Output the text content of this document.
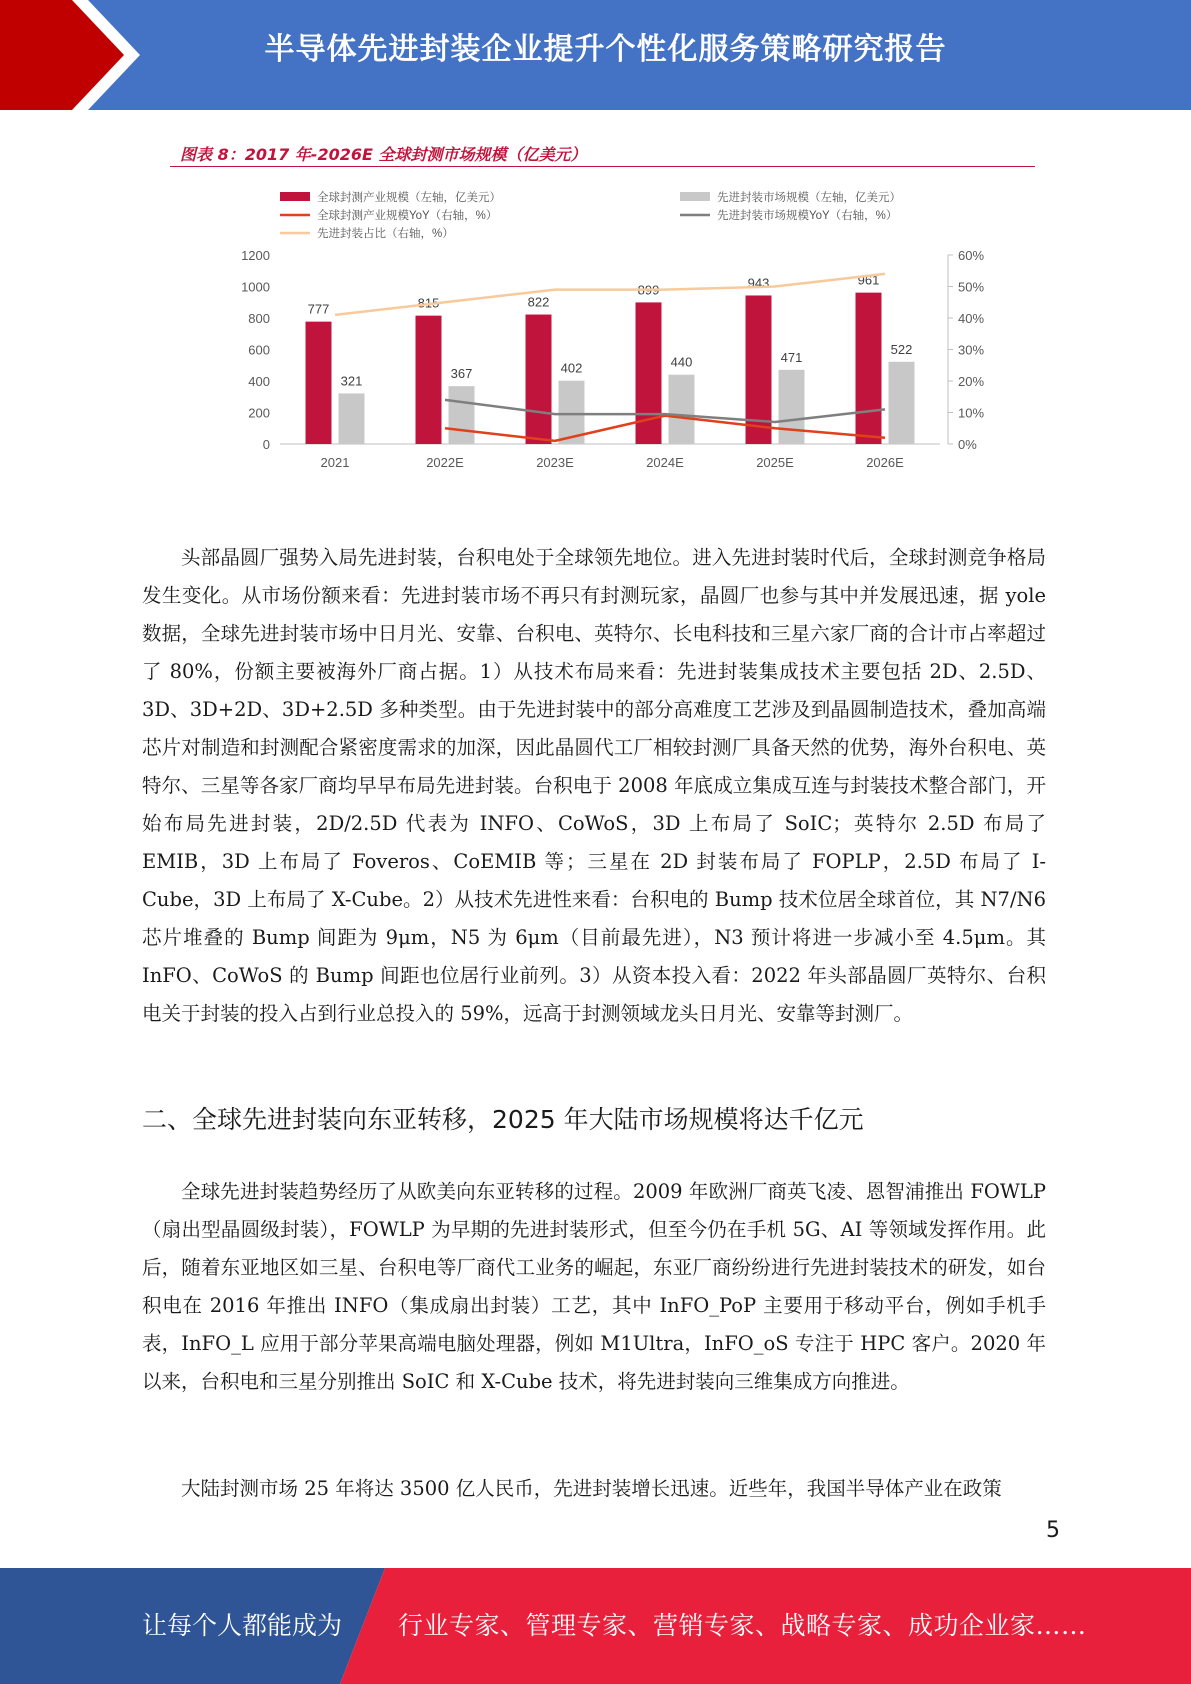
半导体先进封装企业提升个性化服务策略研究报告
图表 8：2017 年-2026E 全球封测市场规模（亿美元）
全球封测产业规模（左轴，亿美元）	先进封装市场规模（左轴，亿美元）
全球封测产业规模YoY（右轴，%）	先进封装市场规模YoY（右轴，%）
先进封装占比（右轴，%）
0
200
400
600
800
1000
1200
0%
10%
20%
30%
40%
50%
60%
2021	2022E	2023E	2024E	2025E	2026E
777	815	822
899	943	961
321	367	402	440	471
522

头部晶圆厂强势入局先进封装，台积电处于全球领先地位。进入先进封装时代后，全球封测竞争格局发生变化。从市场份额来看：先进封装市场不再只有封测玩家，晶圆厂也参与其中并发展迅速，据 yole 数据，全球先进封装市场中日月光、安靠、台积电、英特尔、长电科技和三星六家厂商的合计市占率超过了 80%，份额主要被海外厂商占据。1）从技术布局来看：先进封装集成技术主要包括 2D、2.5D、3D、3D+2D、3D+2.5D 多种类型。由于先进封装中的部分高难度工艺涉及到晶圆制造技术，叠加高端芯片对制造和封测配合紧密度需求的加深，因此晶圆代工厂相较封测厂具备天然的优势，海外台积电、英特尔、三星等各家厂商均早早布局先进封装。台积电于 2008 年底成立集成互连与封装技术整合部门，开始布局先进封装，2D/2.5D 代表为 INFO、CoWoS，3D 上布局了 SoIC；英特尔 2.5D 布局了 EMIB，3D 上布局了 Foveros、CoEMIB 等；三星在 2D 封装布局了 FOPLP，2.5D 布局了 I-Cube，3D 上布局了 X-Cube。2）从技术先进性来看：台积电的 Bump 技术位居全球首位，其 N7/N6 芯片堆叠的 Bump 间距为 9μm，N5 为 6μm（目前最先进），N3 预计将进一步减小至 4.5μm。其 InFO、CoWoS 的 Bump 间距也位居行业前列。3）从资本投入看：2022 年头部晶圆厂英特尔、台积电关于封装的投入占到行业总投入的 59%，远高于封测领域龙头日月光、安靠等封测厂。

二、全球先进封装向东亚转移，2025 年大陆市场规模将达千亿元

全球先进封装趋势经历了从欧美向东亚转移的过程。2009 年欧洲厂商英飞凌、恩智浦推出 FOWLP（扇出型晶圆级封装），FOWLP 为早期的先进封装形式，但至今仍在手机 5G、AI 等领域发挥作用。此后，随着东亚地区如三星、台积电等厂商代工业务的崛起，东亚厂商纷纷进行先进封装技术的研发，如台积电在 2016 年推出 INFO（集成扇出封装）工艺，其中 InFO_PoP 主要用于移动平台，例如手机手表，InFO_L 应用于部分苹果高端电脑处理器，例如 M1Ultra，InFO_oS 专注于 HPC 客户。2020 年以来，台积电和三星分别推出 SoIC 和 X-Cube 技术，将先进封装向三维集成方向推进。

大陆封测市场 25 年将达 3500 亿人民币，先进封装增长迅速。近些年，我国半导体产业在政策

5
让每个人都能成为 行业专家、管理专家、营销专家、战略专家、成功企业家……
